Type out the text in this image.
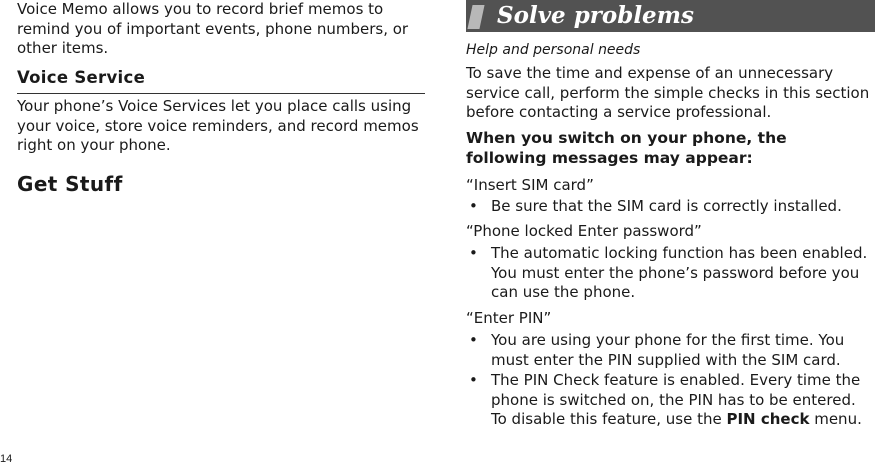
Voice Memo allows you to record brief memos to remind you of important events, phone numbers, or other items.

Voice Service

Your phone’s Voice Services let you place calls using your voice, store voice reminders, and record memos right on your phone.

Get Stuff
14
Solve problems

Help and personal needs

To save the time and expense of an unnecessary service call, perform the simple checks in this section before contacting a service professional.

When you switch on your phone, the following messages may appear:

“Insert SIM card”

• Be sure that the SIM card is correctly installed.

“Phone locked Enter password”

• The automatic locking function has been enabled. You must enter the phone’s password before you can use the phone.

“Enter PIN”

• You are using your phone for the first time. You must enter the PIN supplied with the SIM card.

• The PIN Check feature is enabled. Every time the phone is switched on, the PIN has to be entered. To disable this feature, use the PIN check menu.
